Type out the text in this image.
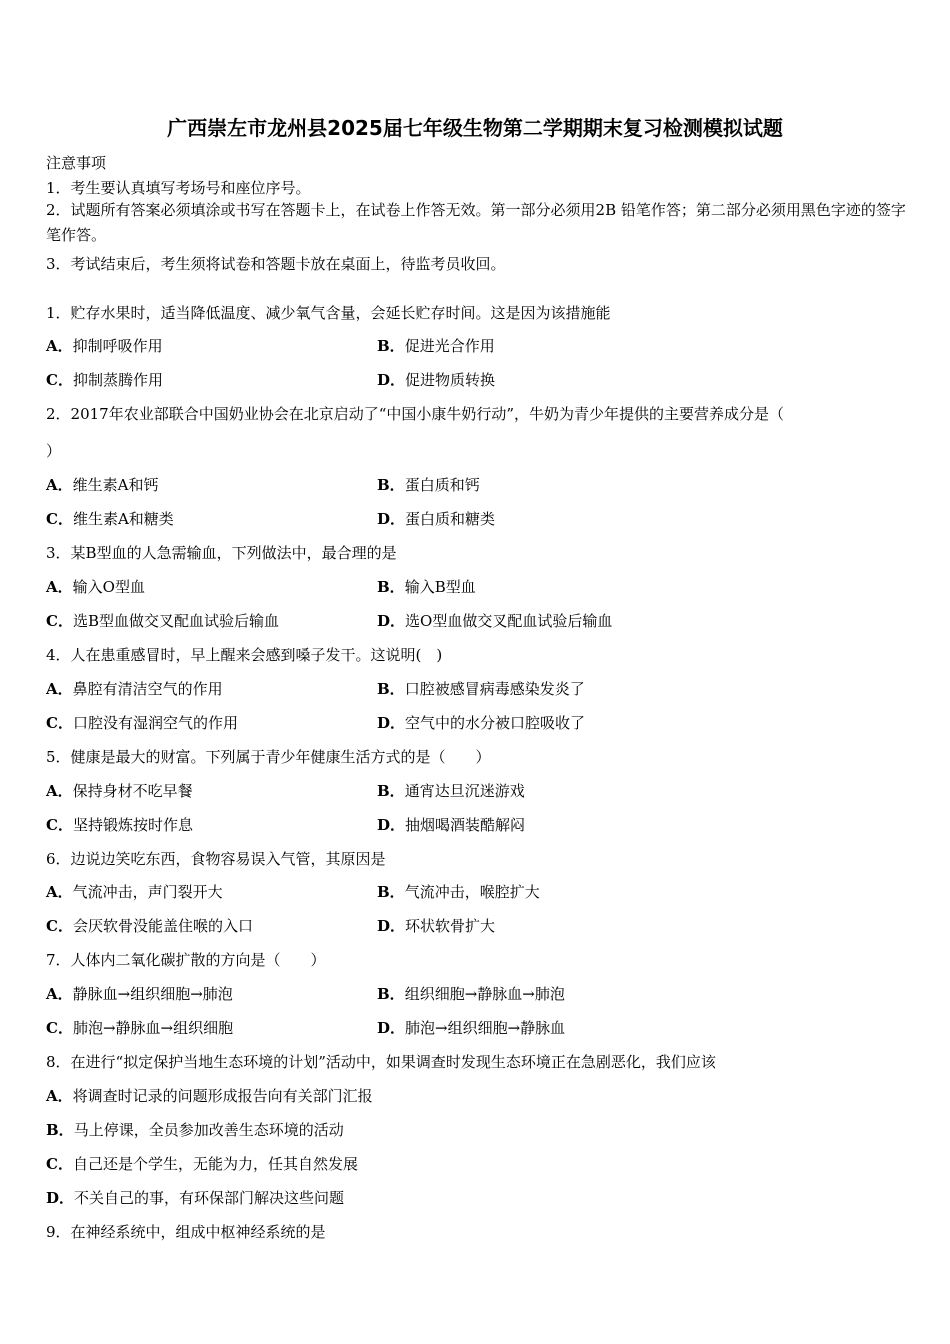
广西崇左市龙州县2025届七年级生物第二学期期末复习检测模拟试题
注意事项
1．考生要认真填写考场号和座位序号。
2．试题所有答案必须填涂或书写在答题卡上，在试卷上作答无效。第一部分必须用2B 铅笔作答；第二部分必须用黑色字迹的签字笔作答。
3．考试结束后，考生须将试卷和答题卡放在桌面上，待监考员收回。
1．贮存水果时，适当降低温度、减少氧气含量，会延长贮存时间。这是因为该措施能
A．抑制呼吸作用	B．促进光合作用
C．抑制蒸腾作用	D．促进物质转换
2．2017年农业部联合中国奶业协会在北京启动了“中国小康牛奶行动”，牛奶为青少年提供的主要营养成分是（
）
A．维生素A和钙	B．蛋白质和钙
C．维生素A和糖类	D．蛋白质和糖类
3．某B型血的人急需输血，下列做法中，最合理的是
A．输入O型血	B．输入B型血
C．选B型血做交叉配血试验后输血	D．选O型血做交叉配血试验后输血
4．人在患重感冒时，早上醒来会感到嗓子发干。这说明(　)
A．鼻腔有清洁空气的作用	B．口腔被感冒病毒感染发炎了
C．口腔没有湿润空气的作用	D．空气中的水分被口腔吸收了
5．健康是最大的财富。下列属于青少年健康生活方式的是（　　）
A．保持身材不吃早餐	B．通宵达旦沉迷游戏
C．坚持锻炼按时作息	D．抽烟喝酒装酷解闷
6．边说边笑吃东西，食物容易误入气管，其原因是
A．气流冲击，声门裂开大	B．气流冲击，喉腔扩大
C．会厌软骨没能盖住喉的入口	D．环状软骨扩大
7．人体内二氧化碳扩散的方向是（　　）
A．静脉血→组织细胞→肺泡	B．组织细胞→静脉血→肺泡
C．肺泡→静脉血→组织细胞	D．肺泡→组织细胞→静脉血
8．在进行“拟定保护当地生态环境的计划”活动中，如果调查时发现生态环境正在急剧恶化，我们应该
A．将调查时记录的问题形成报告向有关部门汇报
B．马上停课，全员参加改善生态环境的活动
C．自己还是个学生，无能为力，任其自然发展
D．不关自己的事，有环保部门解决这些问题
9．在神经系统中，组成中枢神经系统的是
